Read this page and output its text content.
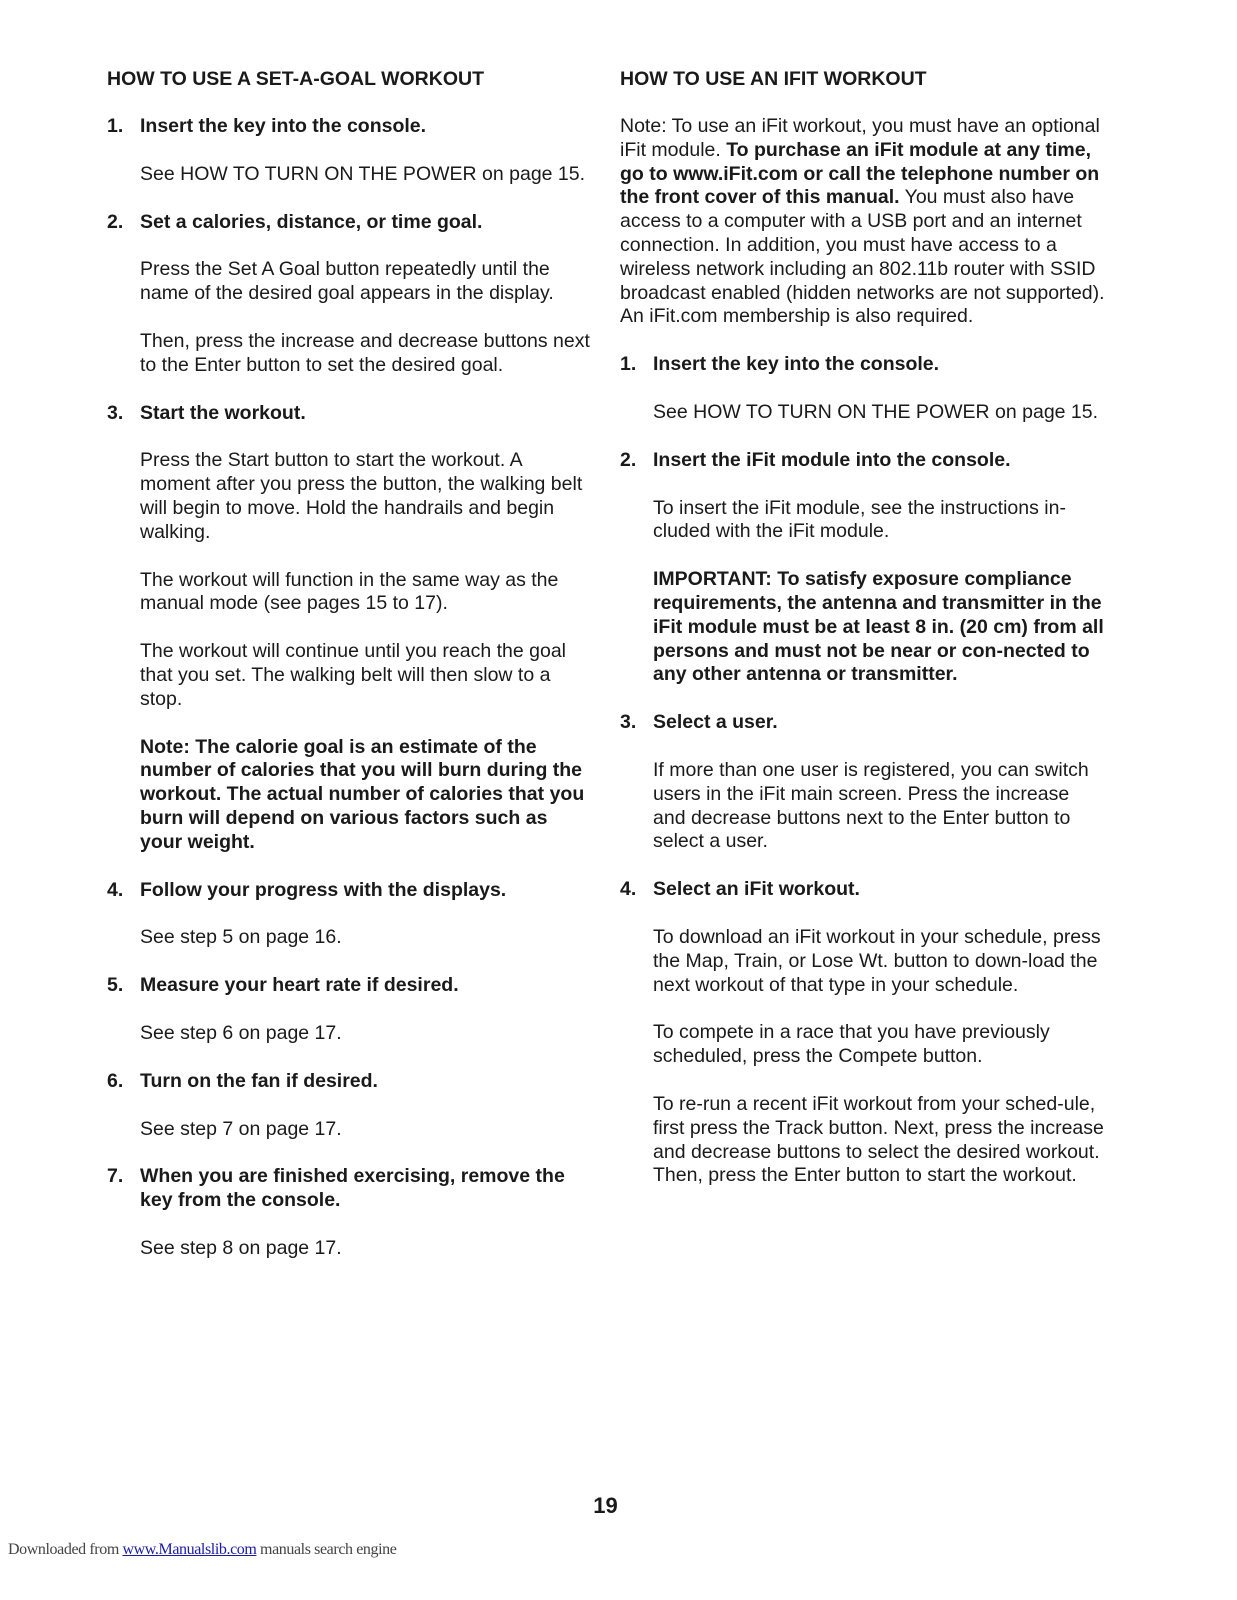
HOW TO USE A SET-A-GOAL WORKOUT
1. Insert the key into the console.

See HOW TO TURN ON THE POWER on page 15.

2. Set a calories, distance, or time goal.

Press the Set A Goal button repeatedly until the name of the desired goal appears in the display.

Then, press the increase and decrease buttons next to the Enter button to set the desired goal.

3. Start the workout.

Press the Start button to start the workout. A moment after you press the button, the walking belt will begin to move. Hold the handrails and begin walking.

The workout will function in the same way as the manual mode (see pages 15 to 17).

The workout will continue until you reach the goal that you set. The walking belt will then slow to a stop.

Note: The calorie goal is an estimate of the number of calories that you will burn during the workout. The actual number of calories that you burn will depend on various factors such as your weight.

4. Follow your progress with the displays.

See step 5 on page 16.

5. Measure your heart rate if desired.

See step 6 on page 17.

6. Turn on the fan if desired.

See step 7 on page 17.

7. When you are finished exercising, remove the key from the console.

See step 8 on page 17.

HOW TO USE AN IFIT WORKOUT

Note: To use an iFit workout, you must have an optional iFit module. To purchase an iFit module at any time, go to www.iFit.com or call the telephone number on the front cover of this manual. You must also have access to a computer with a USB port and an internet connection. In addition, you must have access to a wireless network including an 802.11b router with SSID broadcast enabled (hidden networks are not supported). An iFit.com membership is also required.

1. Insert the key into the console.

See HOW TO TURN ON THE POWER on page 15.

2. Insert the iFit module into the console.

To insert the iFit module, see the instructions in-cluded with the iFit module.

IMPORTANT: To satisfy exposure compliance requirements, the antenna and transmitter in the iFit module must be at least 8 in. (20 cm) from all persons and must not be near or con-nected to any other antenna or transmitter.

3. Select a user.

If more than one user is registered, you can switch users in the iFit main screen. Press the increase and decrease buttons next to the Enter button to select a user.

4. Select an iFit workout.

To download an iFit workout in your schedule, press the Map, Train, or Lose Wt. button to down-load the next workout of that type in your schedule.

To compete in a race that you have previously scheduled, press the Compete button.

To re-run a recent iFit workout from your sched-ule, first press the Track button. Next, press the increase and decrease buttons to select the desired workout. Then, press the Enter button to start the workout.

19
Downloaded from www.Manualslib.com manuals search engine
